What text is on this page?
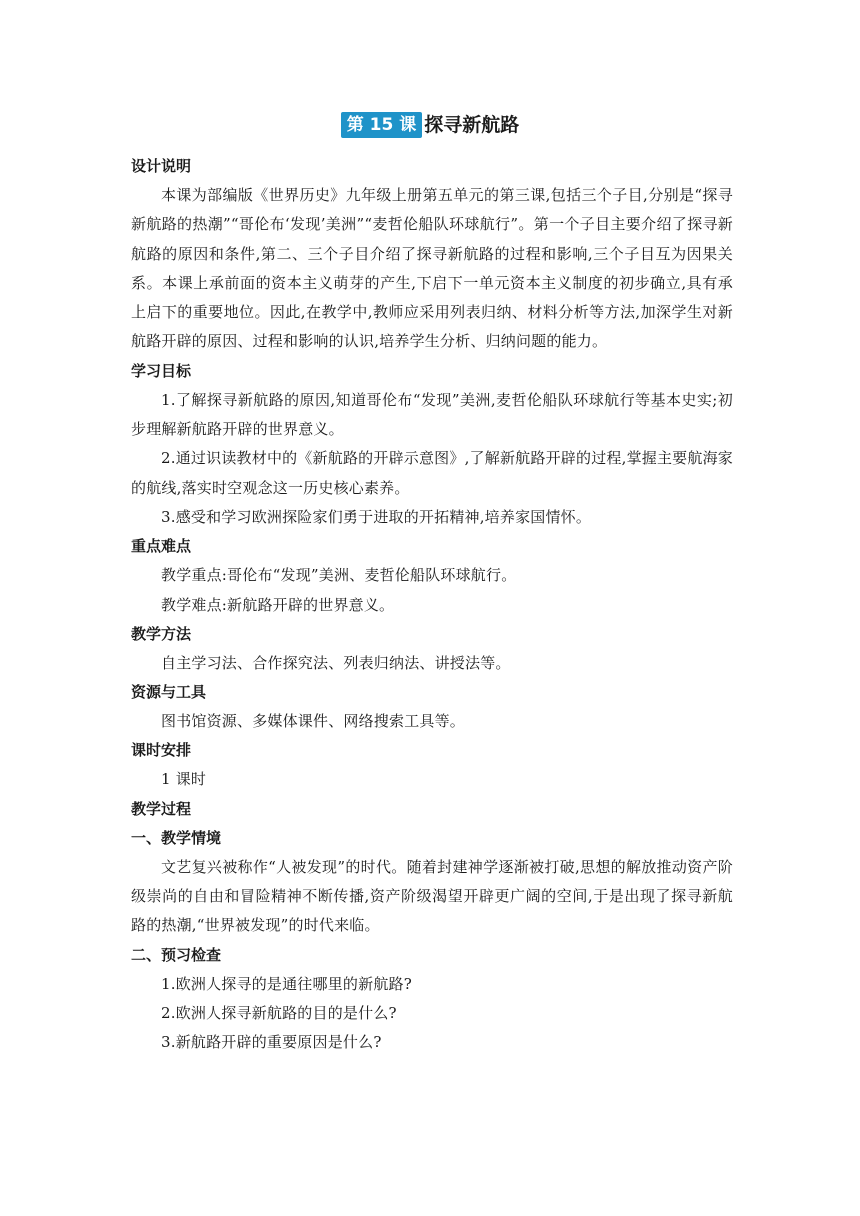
第 15 课 探寻新航路

设计说明

本课为部编版《世界历史》九年级上册第五单元的第三课,包括三个子目,分别是“探寻新航路的热潮”“哥伦布‘发现’美洲”“麦哲伦船队环球航行”。第一个子目主要介绍了探寻新航路的原因和条件,第二、三个子目介绍了探寻新航路的过程和影响,三个子目互为因果关系。本课上承前面的资本主义萌芽的产生,下启下一单元资本主义制度的初步确立,具有承上启下的重要地位。因此,在教学中,教师应采用列表归纳、材料分析等方法,加深学生对新航路开辟的原因、过程和影响的认识,培养学生分析、归纳问题的能力。

学习目标

1.了解探寻新航路的原因,知道哥伦布“发现”美洲,麦哲伦船队环球航行等基本史实;初步理解新航路开辟的世界意义。

2.通过识读教材中的《新航路的开辟示意图》,了解新航路开辟的过程,掌握主要航海家的航线,落实时空观念这一历史核心素养。

3.感受和学习欧洲探险家们勇于进取的开拓精神,培养家国情怀。

重点难点

教学重点:哥伦布“发现”美洲、麦哲伦船队环球航行。

教学难点:新航路开辟的世界意义。

教学方法

自主学习法、合作探究法、列表归纳法、讲授法等。

资源与工具

图书馆资源、多媒体课件、网络搜索工具等。

课时安排

1 课时

教学过程

一、教学情境

文艺复兴被称作“人被发现”的时代。随着封建神学逐渐被打破,思想的解放推动资产阶级崇尚的自由和冒险精神不断传播,资产阶级渴望开辟更广阔的空间,于是出现了探寻新航路的热潮,“世界被发现”的时代来临。

二、预习检查

1.欧洲人探寻的是通往哪里的新航路?

2.欧洲人探寻新航路的目的是什么?

3.新航路开辟的重要原因是什么?
